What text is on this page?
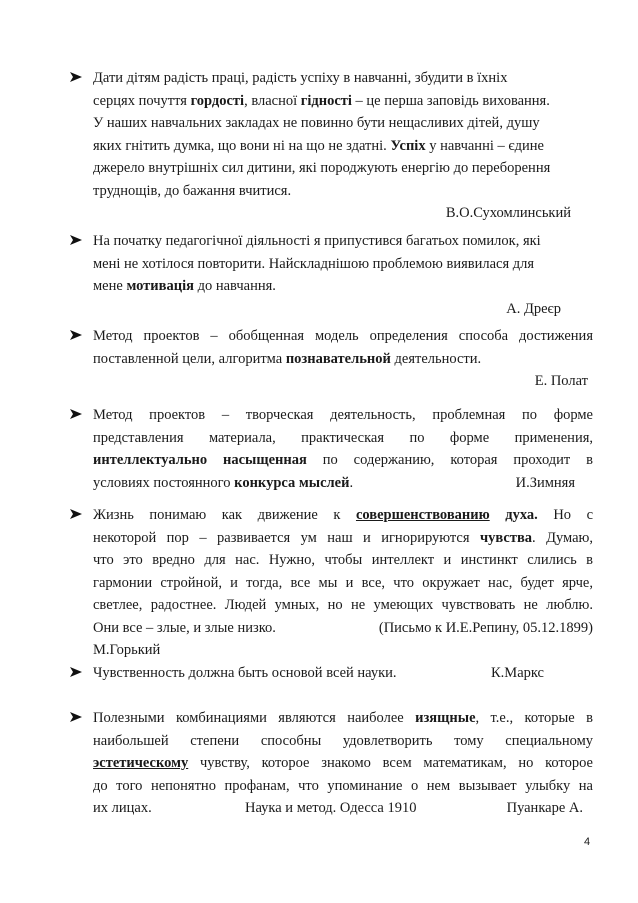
Дати дітям радість праці, радість успіху в навчанні, збудити в їхніх

серцях почуття гордості, власної гідності – це перша заповідь виховання.

У наших навчальних закладах не повинно бути нещасливих дітей, душу

яких гнітить думка, що вони ні на що не здатні. Успіх у навчанні – єдине

джерело внутрішніх сил дитини, які породжують енергію до переборення

труднощів, до бажання вчитися.

В.О.Сухомлинський

На початку педагогічної діяльності я припустився багатьох помилок, які

мені не хотілося повторити. Найскладнішою проблемою виявилася для

мене мотивація до навчання.

А. Дреєр

Метод проектов – обобщенная модель определения способа достижения

поставленной цели, алгоритма познавательной деятельности.

Е. Полат

Метод проектов – творческая деятельность, проблемная по форме

представления материала, практическая по форме применения,

интеллектуально насыщенная по содержанию, которая проходит в

условиях постоянного конкурса мыслей.	И.Зимняя

Жизнь понимаю как движение к совершенствованию духа. Но с

некоторой пор – развивается ум наш и игнорируются чувства. Думаю,

что это вредно для нас. Нужно, чтобы интеллект и инстинкт слились в

гармонии стройной, и тогда, все мы и все, что окружает нас, будет ярче,

светлее, радостнее. Людей умных, но не умеющих чувствовать не люблю.

Они все – злые, и злые низко.	(Письмо к И.Е.Репину, 05.12.1899)

М.Горький

Чувственность должна быть основой всей науки.	К.Маркс

Полезными комбинациями являются наиболее изящные, т.е., которые в

наибольшей степени способны удовлетворить тому специальному

эстетическому чувству, которое знакомо всем математикам, но которое

до того непонятно профанам, что упоминание о нем вызывает улыбку на

их лицах.	Наука и метод. Одесса 1910	Пуанкаре А.
4
